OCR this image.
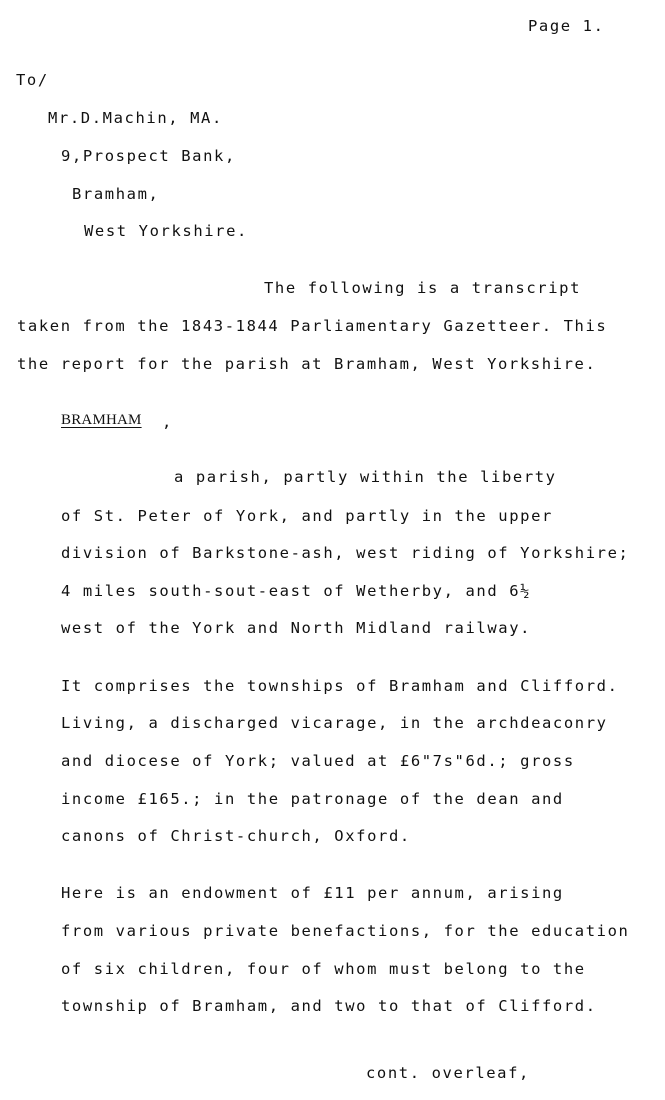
Page 1.
To/
Mr.D.Machin, MA.
9,Prospect Bank,
Bramham,
West Yorkshire.
The following is a transcript
taken from the 1843-1844 Parliamentary Gazetteer. This
the report for the parish at Bramham, West Yorkshire.
BRAMHAM ,
a parish, partly within the liberty
of St. Peter of York, and partly in the upper
division of Barkstone-ash, west riding of Yorkshire;
4 miles south-sout-east of Wetherby, and 6½
west of the York and North Midland railway.
It comprises the townships of Bramham and Clifford.
Living, a discharged vicarage, in the archdeaconry
and diocese of York; valued at £6"7s"6d.; gross
income £165.; in the patronage of the dean and
canons of Christ-church, Oxford.
Here is an endowment of £11 per annum, arising
from various private benefactions, for the education
of six children, four of whom must belong to the
township of Bramham, and two to that of Clifford.
cont. overleaf,
